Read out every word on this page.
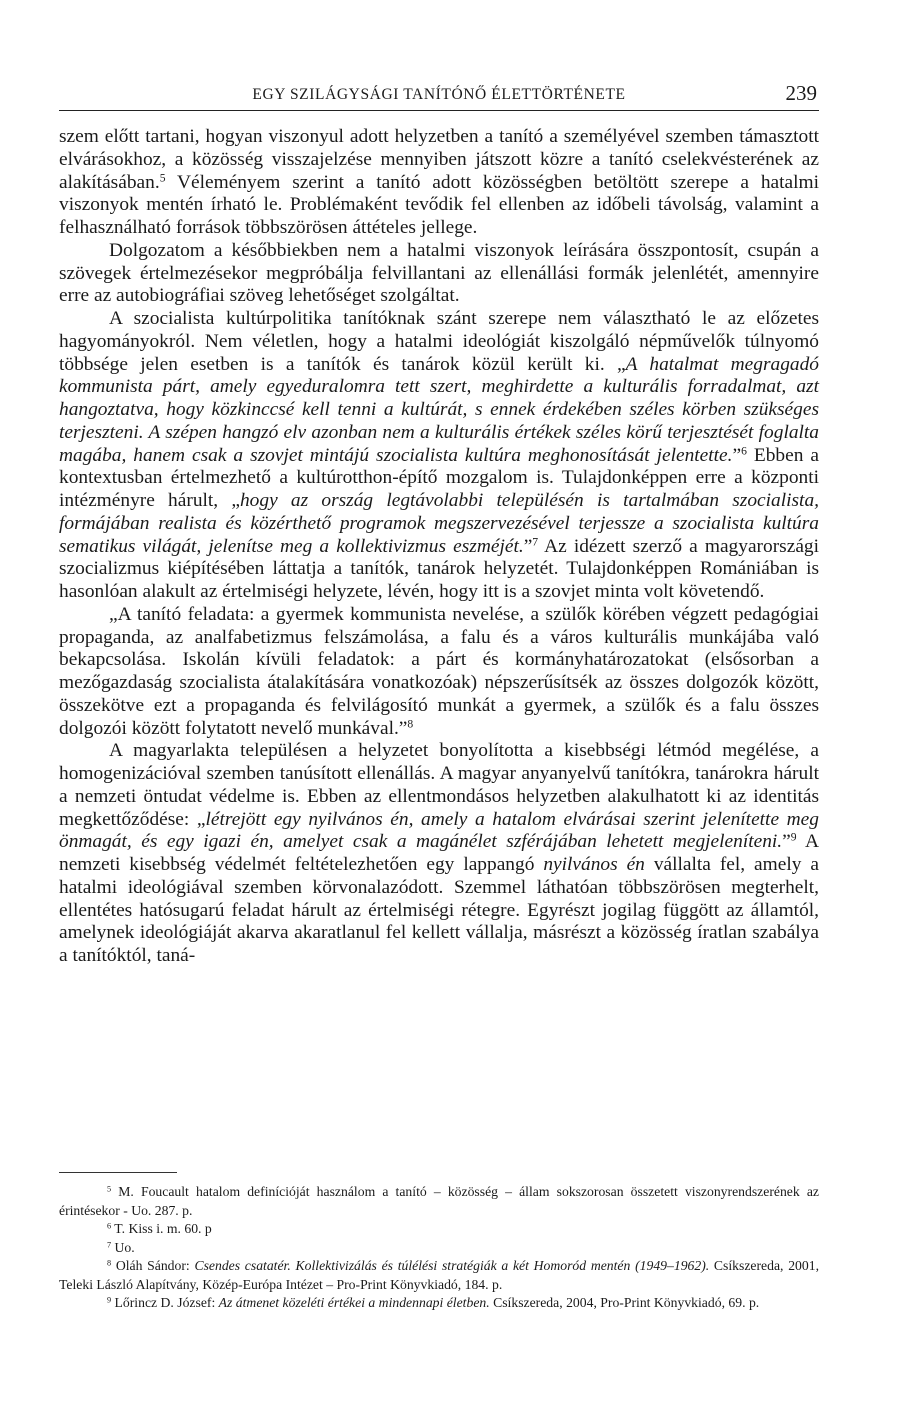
EGY SZILÁGYSÁGI TANÍTÓNŐ ÉLETTÖRTÉNETE	239

szem előtt tartani, hogyan viszonyul adott helyzetben a tanító a személyével szemben támasztott elvárásokhoz, a közösség visszajelzése mennyiben játszott közre a tanító cselekvésterének az alakításában.$^5$ Véleményem szerint a tanító adott közösségben betöltött szerepe a hatalmi viszonyok mentén írható le. Problémaként tevődik fel ellenben az időbeli távolság, valamint a felhasználható források többszörösen áttételes jellege.

Dolgozatom a későbbiekben nem a hatalmi viszonyok leírására összpontosít, csupán a szövegek értelmezésekor megpróbálja felvillantani az ellenállási formák jelenlétét, amennyire erre az autobiográfiai szöveg lehetőséget szolgáltat.

A szocialista kultúrpolitika tanítóknak szánt szerepe nem választható le az előzetes hagyományokról. Nem véletlen, hogy a hatalmi ideológiát kiszolgáló népművelők túlnyomó többsége jelen esetben is a tanítók és tanárok közül került ki. „A hatalmat megragadó kommunista párt, amely egyeduralomra tett szert, meghirdette a kulturális forradalmat, azt hangoztatva, hogy közkinccsé kell tenni a kultúrát, s ennek érdekében széles körben szükséges terjeszteni. A szépen hangzó elv azonban nem a kulturális értékek széles körű terjesztését foglalta magába, hanem csak a szovjet mintájú szocialista kultúra meghonosítását jelentette.”$^6$ Ebben a kontextusban értelmezhető a kultúrotthon-építő mozgalom is. Tulajdonképpen erre a központi intézményre hárult, „hogy az ország legtávolabbi településén is tartalmában szocialista, formájában realista és közérthető programok megszervezésével terjessze a szocialista kultúra sematikus világát, jelenítse meg a kollektivizmus eszméjét.”$^7$ Az idézett szerző a magyarországi szocializmus kiépítésében láttatja a tanítók, tanárok helyzetét. Tulajdonképpen Romániában is hasonlóan alakult az értelmiségi helyzete, lévén, hogy itt is a szovjet minta volt követendő.

„A tanító feladata: a gyermek kommunista nevelése, a szülők körében végzett pedagógiai propaganda, az analfabetizmus felszámolása, a falu és a város kulturális munkájába való bekapcsolása. Iskolán kívüli feladatok: a párt és kormányhatározatokat (elsősorban a mezőgazdaság szocialista átalakítására vonatkozóak) népszerűsítsék az összes dolgozók között, összekötve ezt a propaganda és felvilágosító munkát a gyermek, a szülők és a falu összes dolgozói között folytatott nevelő munkával.”$^8$

A magyarlakta településen a helyzetet bonyolította a kisebbségi létmód megélése, a homogenizációval szemben tanúsított ellenállás. A magyar anyanyelvű tanítókra, tanárokra hárult a nemzeti öntudat védelme is. Ebben az ellentmondásos helyzetben alakulhatott ki az identitás megkettőződése: „létrejött egy nyilvános én, amely a hatalom elvárásai szerint jelenítette meg önmagát, és egy igazi én, amelyet csak a magánélet szférájában lehetett megjeleníteni.”$^9$ A nemzeti kisebbség védelmét feltételezhetően egy lappangó nyilvános én vállalta fel, amely a hatalmi ideológiával szemben körvonalazódott. Szemmel láthatóan többszörösen megterhelt, ellentétes hatósugarú feladat hárult az értelmiségi rétegre. Egyrészt jogilag függött az államtól, amelynek ideológiáját akarva akaratlanul fel kellett vállalja, másrészt a közösség íratlan szabálya a tanítóktól, taná-

$^5$ M. Foucault hatalom definícióját használom a tanító – közösség – állam sokszorosan összetett viszonyrendszerének az érintésekor - Uo. 287. p.

$^6$ T. Kiss i. m. 60. p

$^7$ Uo.

$^8$ Oláh Sándor: Csendes csatatér. Kollektivizálás és túlélési stratégiák a két Homoród mentén (1949–1962). Csíkszereda, 2001, Teleki László Alapítvány, Közép-Európa Intézet – Pro-Print Könyvkiadó, 184. p.

$^9$ Lőrincz D. József: Az átmenet közeléti értékei a mindennapi életben. Csíkszereda, 2004, Pro-Print Könyvkiadó, 69. p.
